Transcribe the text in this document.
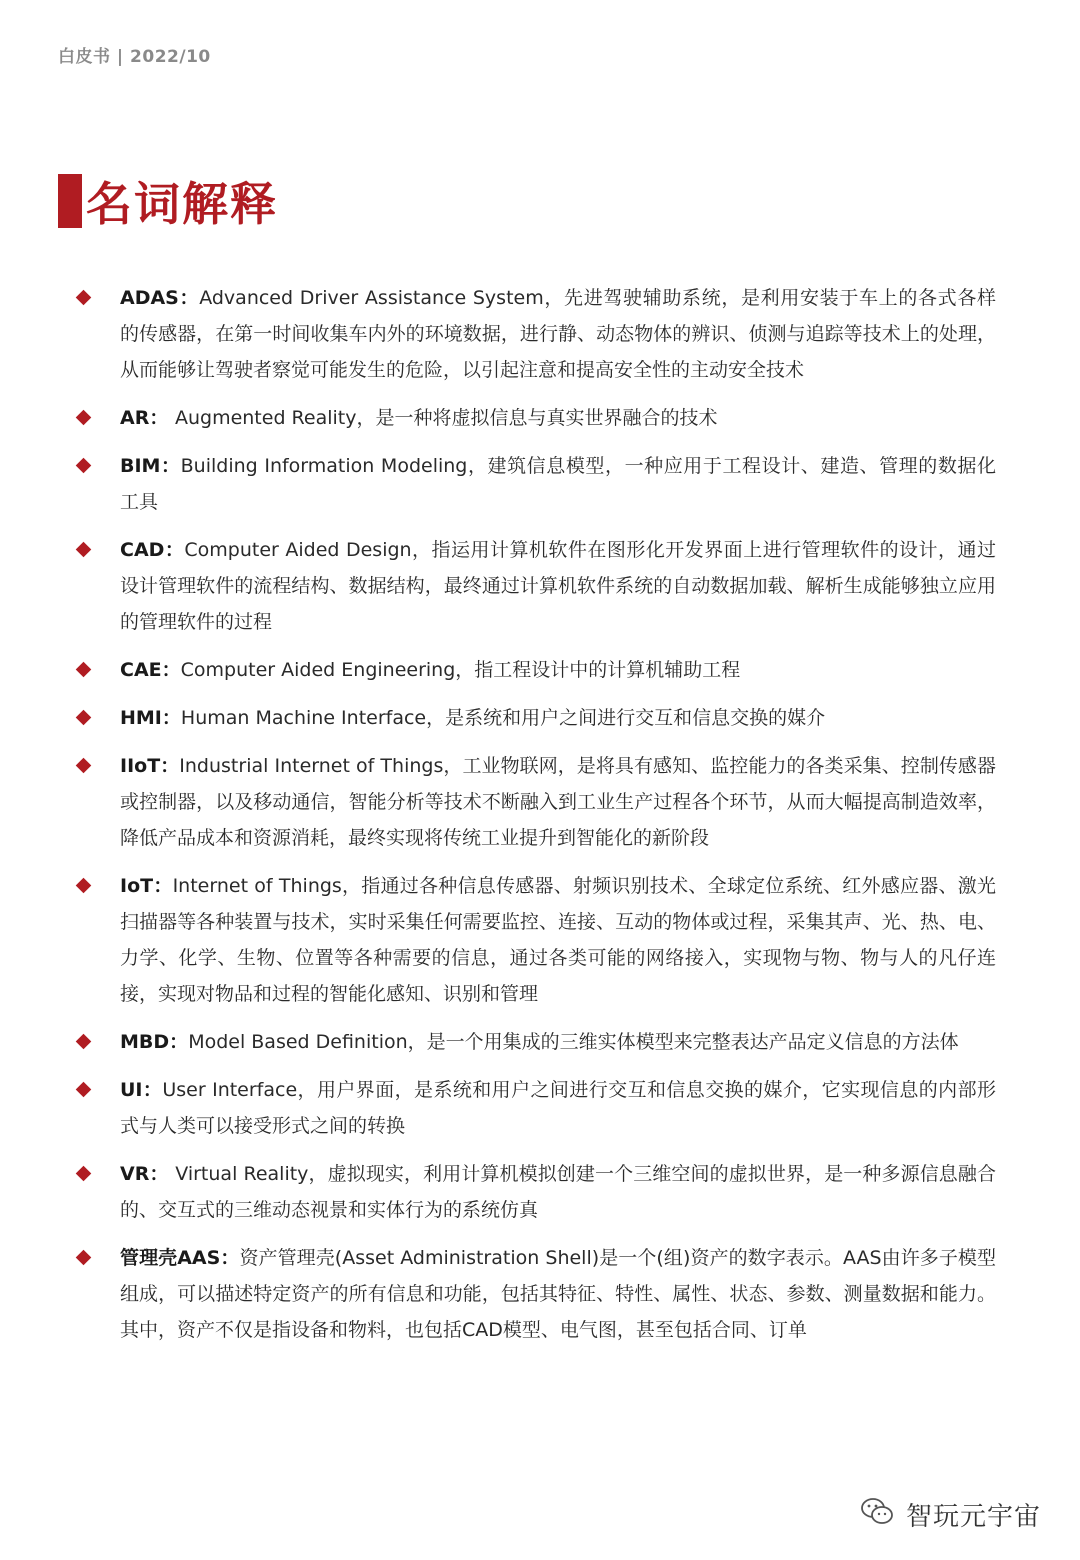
白皮书 | 2022/10
名词解释
ADAS：Advanced Driver Assistance System，先进驾驶辅助系统，是利用安装于车上的各式各样的传感器，在第一时间收集车内外的环境数据，进行静、动态物体的辨识、侦测与追踪等技术上的处理，从而能够让驾驶者察觉可能发生的危险，以引起注意和提高安全性的主动安全技术
AR： Augmented Reality，是一种将虚拟信息与真实世界融合的技术
BIM：Building Information Modeling，建筑信息模型，一种应用于工程设计、建造、管理的数据化工具
CAD：Computer Aided Design，指运用计算机软件在图形化开发界面上进行管理软件的设计，通过设计管理软件的流程结构、数据结构，最终通过计算机软件系统的自动数据加载、解析生成能够独立应用的管理软件的过程
CAE：Computer Aided Engineering，指工程设计中的计算机辅助工程
HMI：Human Machine Interface，是系统和用户之间进行交互和信息交换的媒介
IIoT：Industrial Internet of Things，工业物联网，是将具有感知、监控能力的各类采集、控制传感器或控制器，以及移动通信，智能分析等技术不断融入到工业生产过程各个环节，从而大幅提高制造效率，降低产品成本和资源消耗，最终实现将传统工业提升到智能化的新阶段
IoT：Internet of Things，指通过各种信息传感器、射频识别技术、全球定位系统、红外感应器、激光扫描器等各种装置与技术，实时采集任何需要监控、连接、互动的物体或过程，采集其声、光、热、电、力学、化学、生物、位置等各种需要的信息，通过各类可能的网络接入，实现物与物、物与人的凡仔连接，实现对物品和过程的智能化感知、识别和管理
MBD：Model Based Definition，是一个用集成的三维实体模型来完整表达产品定义信息的方法体
UI：User Interface，用户界面，是系统和用户之间进行交互和信息交换的媒介，它实现信息的内部形式与人类可以接受形式之间的转换
VR： Virtual Reality，虚拟现实，利用计算机模拟创建一个三维空间的虚拟世界，是一种多源信息融合的、交互式的三维动态视景和实体行为的系统仿真
管理壳AAS：资产管理壳(Asset Administration Shell)是一个(组)资产的数字表示。AAS由许多子模型组成，可以描述特定资产的所有信息和功能，包括其特征、特性、属性、状态、参数、测量数据和能力。其中，资产不仅是指设备和物料，也包括CAD模型、电气图，甚至包括合同、订单
智玩元宇宙
